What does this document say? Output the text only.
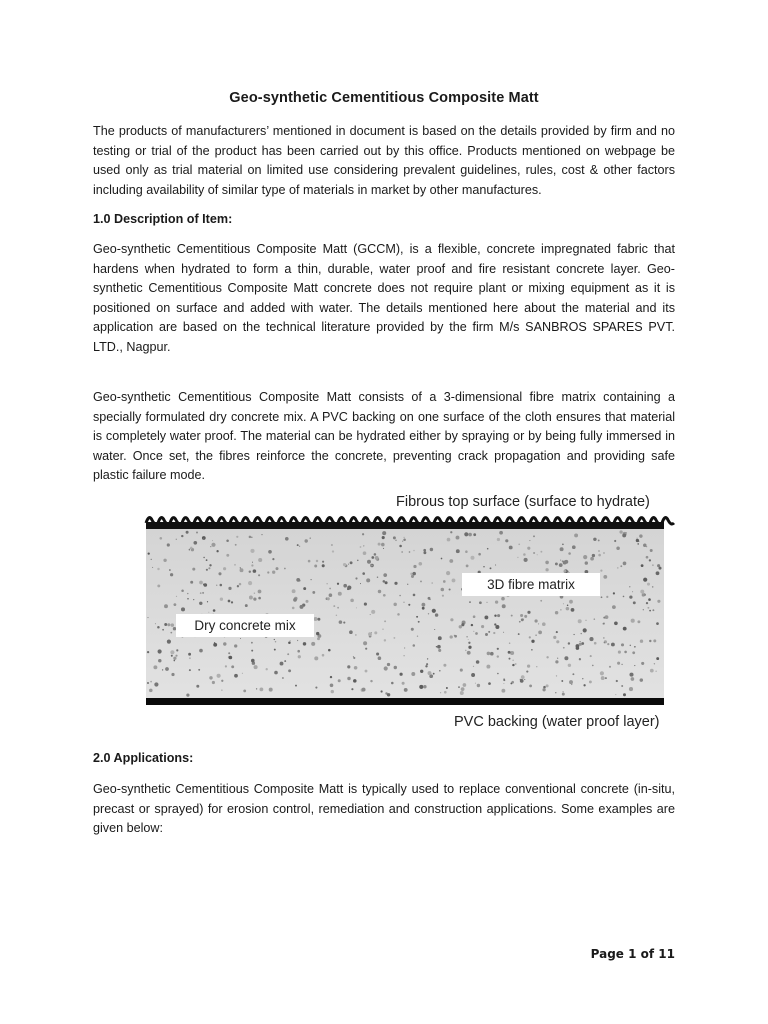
Geo-synthetic Cementitious Composite Matt

The products of manufacturers’ mentioned in document is based on the details provided by firm and no testing or trial of the product has been carried out by this office. Products mentioned on webpage be used only as trial material on limited use considering prevalent guidelines, rules, cost & other factors including availability of similar type of materials in market by other manufactures.

1.0 Description of Item:

Geo-synthetic Cementitious Composite Matt (GCCM), is a flexible, concrete impregnated fabric that hardens when hydrated to form a thin, durable, water proof and fire resistant concrete layer. Geo-synthetic Cementitious Composite Matt concrete does not require plant or mixing equipment as it is positioned on surface and added with water. The details mentioned here about the material and its application are based on the technical literature provided by the firm M/s SANBROS SPARES PVT. LTD., Nagpur.

Geo-synthetic Cementitious Composite Matt consists of a 3-dimensional fibre matrix containing a specially formulated dry concrete mix. A PVC backing on one surface of the cloth ensures that material is completely water proof. The material can be hydrated either by spraying or by being fully immersed in water. Once set, the fibres reinforce the concrete, preventing crack propagation and providing safe plastic failure mode.

Fibrous top surface (surface to hydrate)
3D fibre matrix
Dry concrete mix
PVC backing (water proof layer)

2.0 Applications:

Geo-synthetic Cementitious Composite Matt is typically used to replace conventional concrete (in-situ, precast or sprayed) for erosion control, remediation and construction applications. Some examples are given below:

Page 1 of 11
